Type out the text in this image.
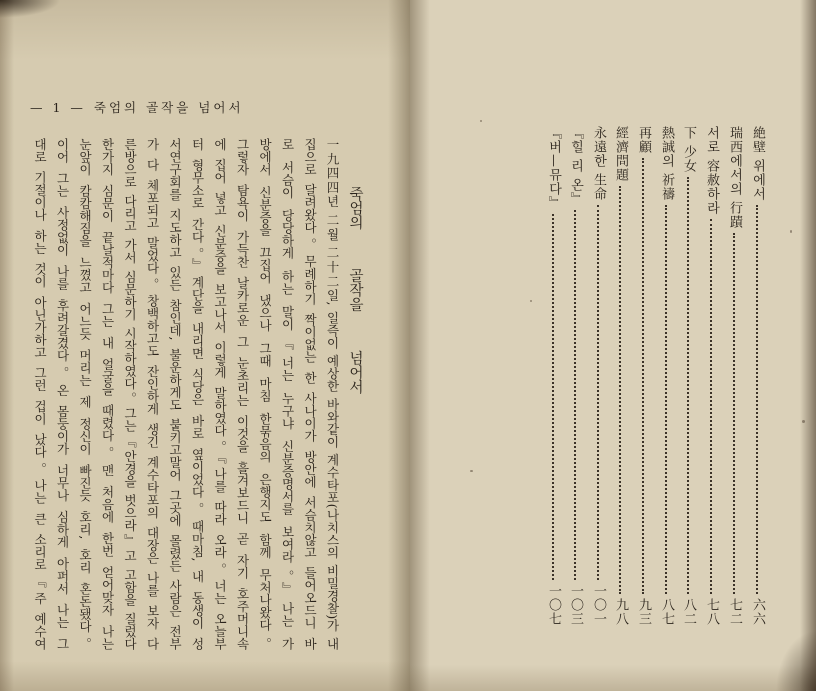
— 1 — 죽엄의 골작을 넘어서
죽엄의 골작을 넘어서
一九四四년 二월 二十二일, 일즉이 예상한 바와같이 계수타포(나치스의 비밀경찰)가 내
집으로 달려왔다。무례하기 짝이없는 한 사나이가 방안에 서슴치않고 들어오드니 바
로 서슴이 당당하게 하는 말이『너는 누구냐 신분증명서를 보여라。』나는 가
방에서 신분증을 끄집어 냈으나 그때 마침 한묶음의 은행지도 함께 무처나왔다。
그렇자 탐욕이 가득찬 날카로운 그 눈초리는 이것을 흘겨보드니 곧 자기 호주머니속
에 집어 넣고 신분증을 보고나서 이렇게 말하였다。『나를 따라 오라。너는 오늘부
터 형무소로 간다。』계단을 내리면 식당은 바로 옆이었다。때마침, 내 동생이 성
서연구회를 지도하고 있든 참인데, 불운하게도 붙키고말어 그곳에 몰렸든 사람은 전부
가 다 체포되고 말었다。창백하고도 잔인하게 생긴 계수타포의 대장은 나를 보자 다
른방으로 다리고 가서 심문하기 시작하였다。그는『안경을 벗으라』고 고함을 질렀다
한가지 심문이 끝날적마다 그는 내 얼굴을 때렸다。맨 처음에 한번 얻어맞자 나는
눈앞이 캄캄해짐을 느꼈고 어느듯 머리는 제 정신이 빠진듯 호리, 호리 혼돈됐다。
이어 그는 사정없이 나를 후려갈겼다。온 몸둥이가 너무나 심하게 아퍼서 나는 그
대로 기절이나 하는 것이 아닌가하고 그런 겁이 났다。나는 큰 소리로『주 예수여	絶壁 위에서
六六
瑞西에서의 行蹟
七二
서로 容赦하라
七八
下 少女
八二
熱誠의 祈禱
八七
再顧
九三
經濟問題
九八
永遠한 生命
一〇一
『힐 리 온』
一〇三
『버—뮤다』
一〇七
